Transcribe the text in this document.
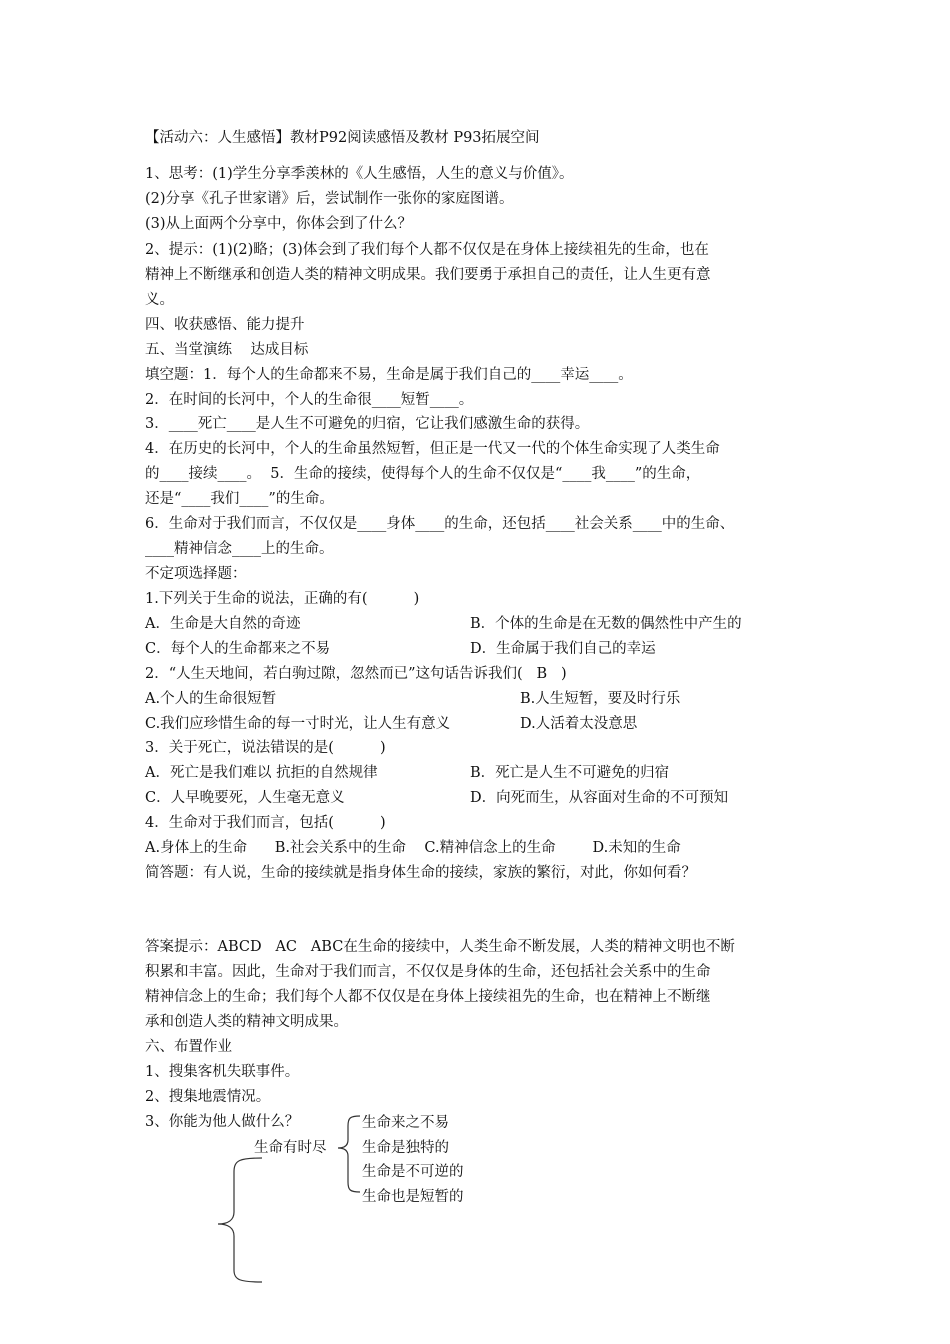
【活动六：人生感悟】教材P92阅读感悟及教材 P93拓展空间
1、思考：(1)学生分享季羡林的《人生感悟，人生的意义与价值》。
(2)分享《孔子世家谱》后，尝试制作一张你的家庭图谱。
(3)从上面两个分享中，你体会到了什么？
2、提示：(1)(2)略；(3)体会到了我们每个人都不仅仅是在身体上接续祖先的生命，也在
精神上不断继承和创造人类的精神文明成果。我们要勇于承担自己的责任，让人生更有意
义。
四、收获感悟、能力提升
五、当堂演练    达成目标
填空题：1．每个人的生命都来不易，生命是属于我们自己的____幸运____。
2．在时间的长河中，个人的生命很____短暂____。
3．____死亡____是人生不可避免的归宿，它让我们感激生命的获得。
4．在历史的长河中，个人的生命虽然短暂，但正是一代又一代的个体生命实现了人类生命
的____接续____。  5．生命的接续，使得每个人的生命不仅仅是“____我____”的生命，
还是“____我们____”的生命。
6．生命对于我们而言，不仅仅是____身体____的生命，还包括____社会关系____中的生命、
____精神信念____上的生命。
不定项选择题：
1.下列关于生命的说法，正确的有(          )
A．生命是大自然的奇迹	B．个体的生命是在无数的偶然性中产生的
C．每个人的生命都来之不易	D．生命属于我们自己的幸运
2．“人生天地间，若白驹过隙，忽然而已”这句话告诉我们(   B   )
A.个人的生命很短暂	B.人生短暂，要及时行乐
C.我们应珍惜生命的每一寸时光，让人生有意义	D.人活着太没意思
3．关于死亡，说法错误的是(          )
A．死亡是我们难以 抗拒的自然规律	B．死亡是人生不可避免的归宿
C．人早晚要死，人生毫无意义	D．向死而生，从容面对生命的不可预知
4．生命对于我们而言，包括(          )
A.身体上的生命      B.社会关系中的生命    C.精神信念上的生命        D.未知的生命
简答题：有人说，生命的接续就是指身体生命的接续，家族的繁衍，对此，你如何看？
答案提示：ABCD   AC   ABC在生命的接续中，人类生命不断发展，人类的精神文明也不断
积累和丰富。因此，生命对于我们而言，不仅仅是身体的生命，还包括社会关系中的生命
精神信念上的生命；我们每个人都不仅仅是在身体上接续祖先的生命，也在精神上不断继
承和创造人类的精神文明成果。
六、布置作业
1、搜集客机失联事件。
2、搜集地震情况。
3、你能为他人做什么？
生命有时尽
生命来之不易
生命是独特的
生命是不可逆的
生命也是短暂的
